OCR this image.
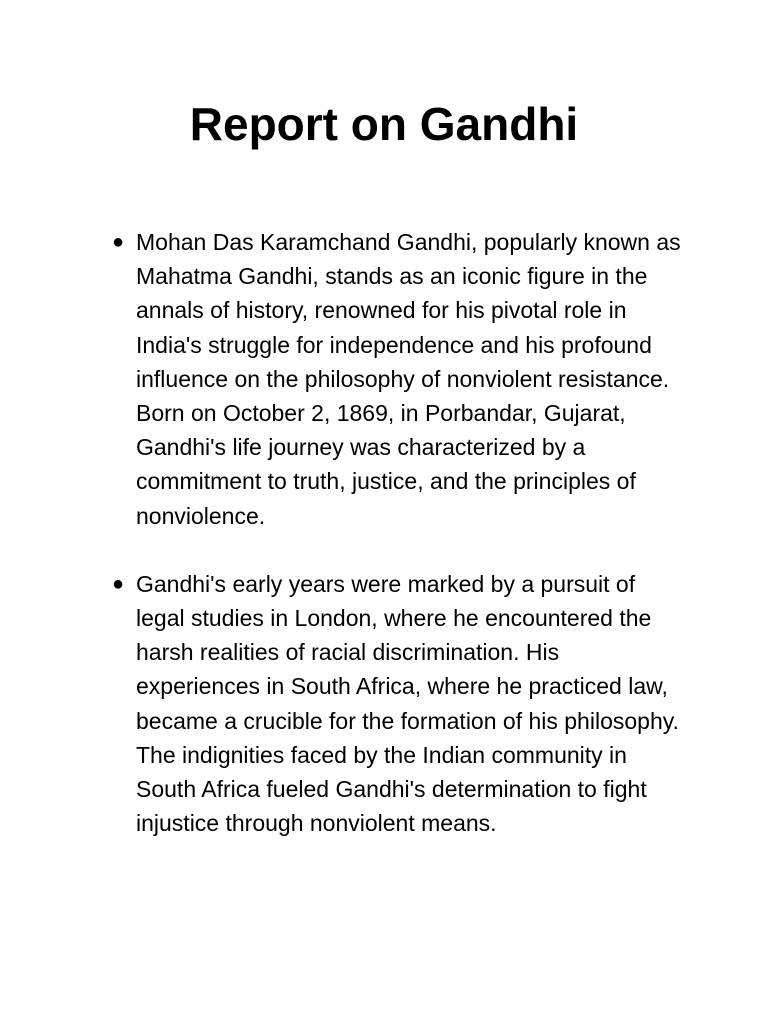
Report on Gandhi
● Mohan Das Karamchand Gandhi, popularly known as Mahatma Gandhi, stands as an iconic figure in the annals of history, renowned for his pivotal role in India's struggle for independence and his profound influence on the philosophy of nonviolent resistance. Born on October 2, 1869, in Porbandar, Gujarat, Gandhi's life journey was characterized by a commitment to truth, justice, and the principles of nonviolence.
● Gandhi's early years were marked by a pursuit of legal studies in London, where he encountered the harsh realities of racial discrimination. His experiences in South Africa, where he practiced law, became a crucible for the formation of his philosophy. The indignities faced by the Indian community in South Africa fueled Gandhi's determination to fight injustice through nonviolent means.
